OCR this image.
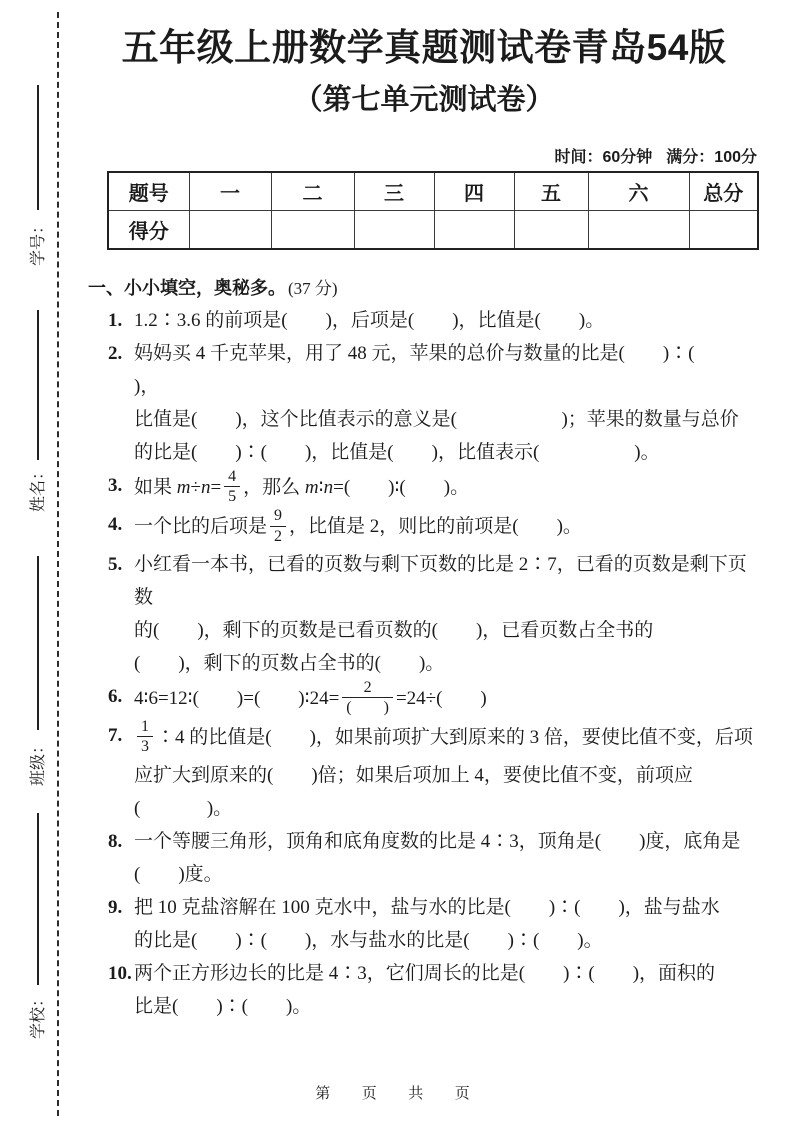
学号：
姓名：
班级：
学校：
五年级上册数学真题测试卷青岛54版
（第七单元测试卷）
时间：60分钟 满分：100分
题号	一	二	三	四	五	六	总分
得分							
一、小小填空，奥秘多。 (37 分)
1. 1.2∶3.6 的前项是(        )，后项是(        )，比值是(        )。
2. 妈妈买 4 千克苹果，用了 48 元，苹果的总价与数量的比是(        )∶(        )，
比值是(        )，这个比值表示的意义是(                      )；苹果的数量与总价
的比是(        )∶(        )，比值是(        )，比值表示(                    )。
3. 如果 $m\div n= \frac{4}{5}$ ，那么 m∶n=(        )∶(        )。
4. 一个比的后项是 $\frac{9}{2}$ ，比值是 2，则比的前项是(        )。
5. 小红看一本书，已看的页数与剩下页数的比是 2∶7，已看的页数是剩下页数
的(        )，剩下的页数是已看页数的(        )，已看页数占全书的
(        )，剩下的页数占全书的(        )。
6. 4∶6=12∶(        )=(        )∶24= $\frac{2}{( )} =24\div$(        )
7. $\frac{1}{3}$ ∶4 的比值是(        )，如果前项扩大到原来的 3 倍，要使比值不变，后项
应扩大到原来的(        )倍；如果后项加上 4，要使比值不变，前项应
(              )。
8. 一个等腰三角形，顶角和底角度数的比是 4∶3，顶角是(        )度，底角是
(        )度。
9. 把 10 克盐溶解在 100 克水中，盐与水的比是(        )∶(        )，盐与盐水
的比是(        )∶(        )，水与盐水的比是(        )∶(        )。
10. 两个正方形边长的比是 4∶3，它们周长的比是(        )∶(        )，面积的
比是(        )∶(        )。
第  页  共  页
